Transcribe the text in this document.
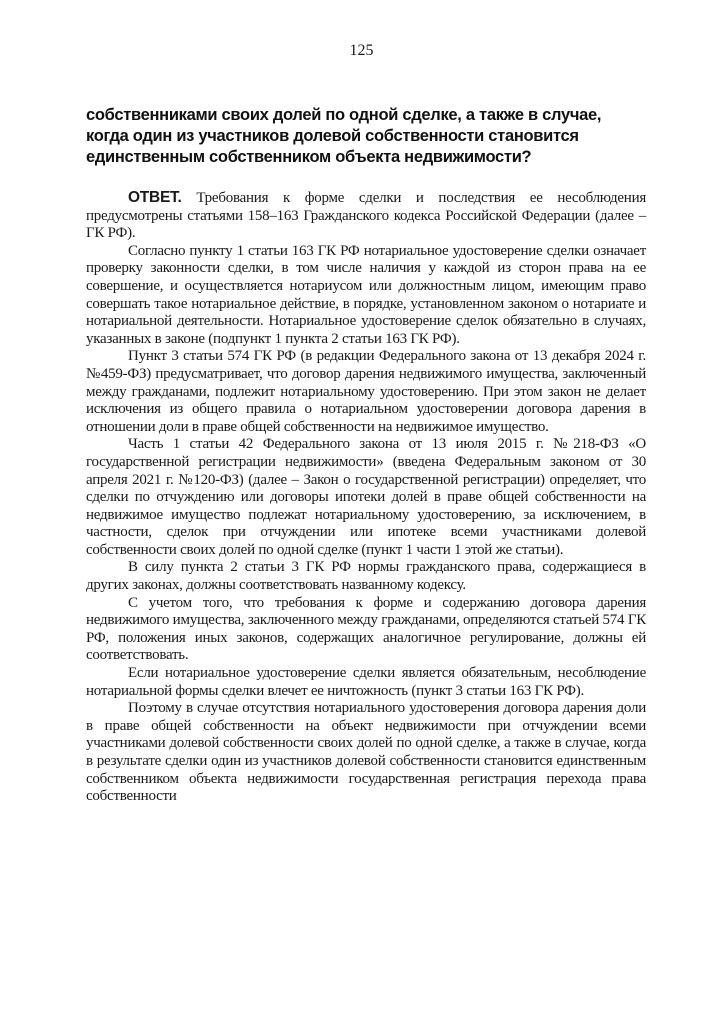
125
собственниками своих долей по одной сделке, а также в случае, когда один из участников долевой собственности становится единственным собственником объекта недвижимости?

ОТВЕТ. Требования к форме сделки и последствия ее несоблюдения предусмотрены статьями 158–163 Гражданского кодекса Российской Федерации (далее – ГК РФ).

Согласно пункту 1 статьи 163 ГК РФ нотариальное удостоверение сделки означает проверку законности сделки, в том числе наличия у каждой из сторон права на ее совершение, и осуществляется нотариусом или должностным лицом, имеющим право совершать такое нотариальное действие, в порядке, установленном законом о нотариате и нотариальной деятельности. Нотариальное удостоверение сделок обязательно в случаях, указанных в законе (подпункт 1 пункта 2 статьи 163 ГК РФ).

Пункт 3 статьи 574 ГК РФ (в редакции Федерального закона от 13 декабря 2024 г. №459-ФЗ) предусматривает, что договор дарения недвижимого имущества, заключенный между гражданами, подлежит нотариальному удостоверению. При этом закон не делает исключения из общего правила о нотариальном удостоверении договора дарения в отношении доли в праве общей собственности на недвижимое имущество.

Часть 1 статьи 42 Федерального закона от 13 июля 2015 г. №218-ФЗ «О государственной регистрации недвижимости» (введена Федеральным законом от 30 апреля 2021 г. №120-ФЗ) (далее – Закон о государственной регистрации) определяет, что сделки по отчуждению или договоры ипотеки долей в праве общей собственности на недвижимое имущество подлежат нотариальному удостоверению, за исключением, в частности, сделок при отчуждении или ипотеке всеми участниками долевой собственности своих долей по одной сделке (пункт 1 части 1 этой же статьи).

В силу пункта 2 статьи 3 ГК РФ нормы гражданского права, содержащиеся в других законах, должны соответствовать названному кодексу.

С учетом того, что требования к форме и содержанию договора дарения недвижимого имущества, заключенного между гражданами, определяются статьей 574 ГК РФ, положения иных законов, содержащих аналогичное регулирование, должны ей соответствовать.

Если нотариальное удостоверение сделки является обязательным, несоблюдение нотариальной формы сделки влечет ее ничтожность (пункт 3 статьи 163 ГК РФ).

Поэтому в случае отсутствия нотариального удостоверения договора дарения доли в праве общей собственности на объект недвижимости при отчуждении всеми участниками долевой собственности своих долей по одной сделке, а также в случае, когда в результате сделки один из участников долевой собственности становится единственным собственником объекта недвижимости государственная регистрация перехода права собственности
